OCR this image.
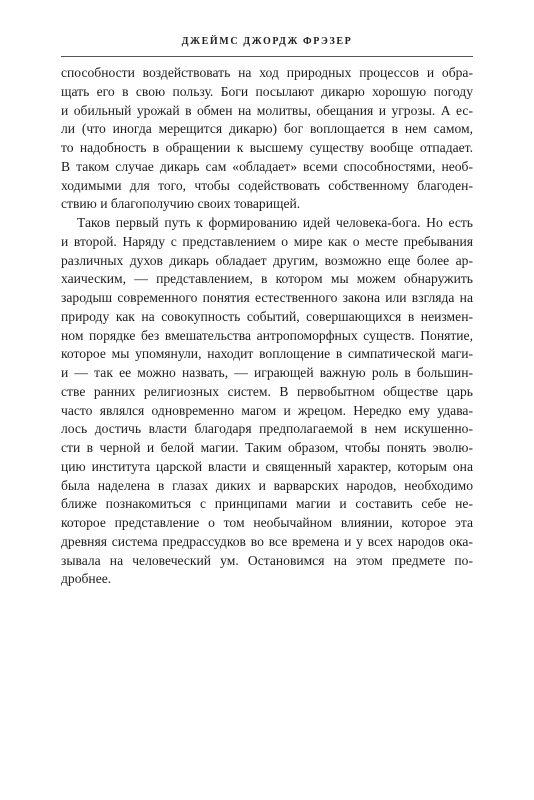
ДЖЕЙМС ДЖОРДЖ ФРЭЗЕР

способности воздействовать на ход природных процессов и обра-
щать его в свою пользу. Боги посылают дикарю хорошую погоду
и обильный урожай в обмен на молитвы, обещания и угрозы. А ес-
ли (что иногда мерещится дикарю) бог воплощается в нем самом,
то надобность в обращении к высшему существу вообще отпадает.
В таком случае дикарь сам «обладает» всеми способностями, необ-
ходимыми для того, чтобы содействовать собственному благоден-
ствию и благополучию своих товарищей.

Таков первый путь к формированию идей человека-бога. Но есть
и второй. Наряду с представлением о мире как о месте пребывания
различных духов дикарь обладает другим, возможно еще более ар-
хаическим, — представлением, в котором мы можем обнаружить
зародыш современного понятия естественного закона или взгляда на
природу как на совокупность событий, совершающихся в неизмен-
ном порядке без вмешательства антропоморфных существ. Понятие,
которое мы упомянули, находит воплощение в симпатической маги-
и — так ее можно назвать, — играющей важную роль в большин-
стве ранних религиозных систем. В первобытном обществе царь
часто являлся одновременно магом и жрецом. Нередко ему удава-
лось достичь власти благодаря предполагаемой в нем искушенно-
сти в черной и белой магии. Таким образом, чтобы понять эволю-
цию института царской власти и священный характер, которым она
была наделена в глазах диких и варварских народов, необходимо
ближе познакомиться с принципами магии и составить себе не-
которое представление о том необычайном влиянии, которое эта
древняя система предрассудков во все времена и у всех народов ока-
зывала на человеческий ум. Остановимся на этом предмете по-
дробнее.
